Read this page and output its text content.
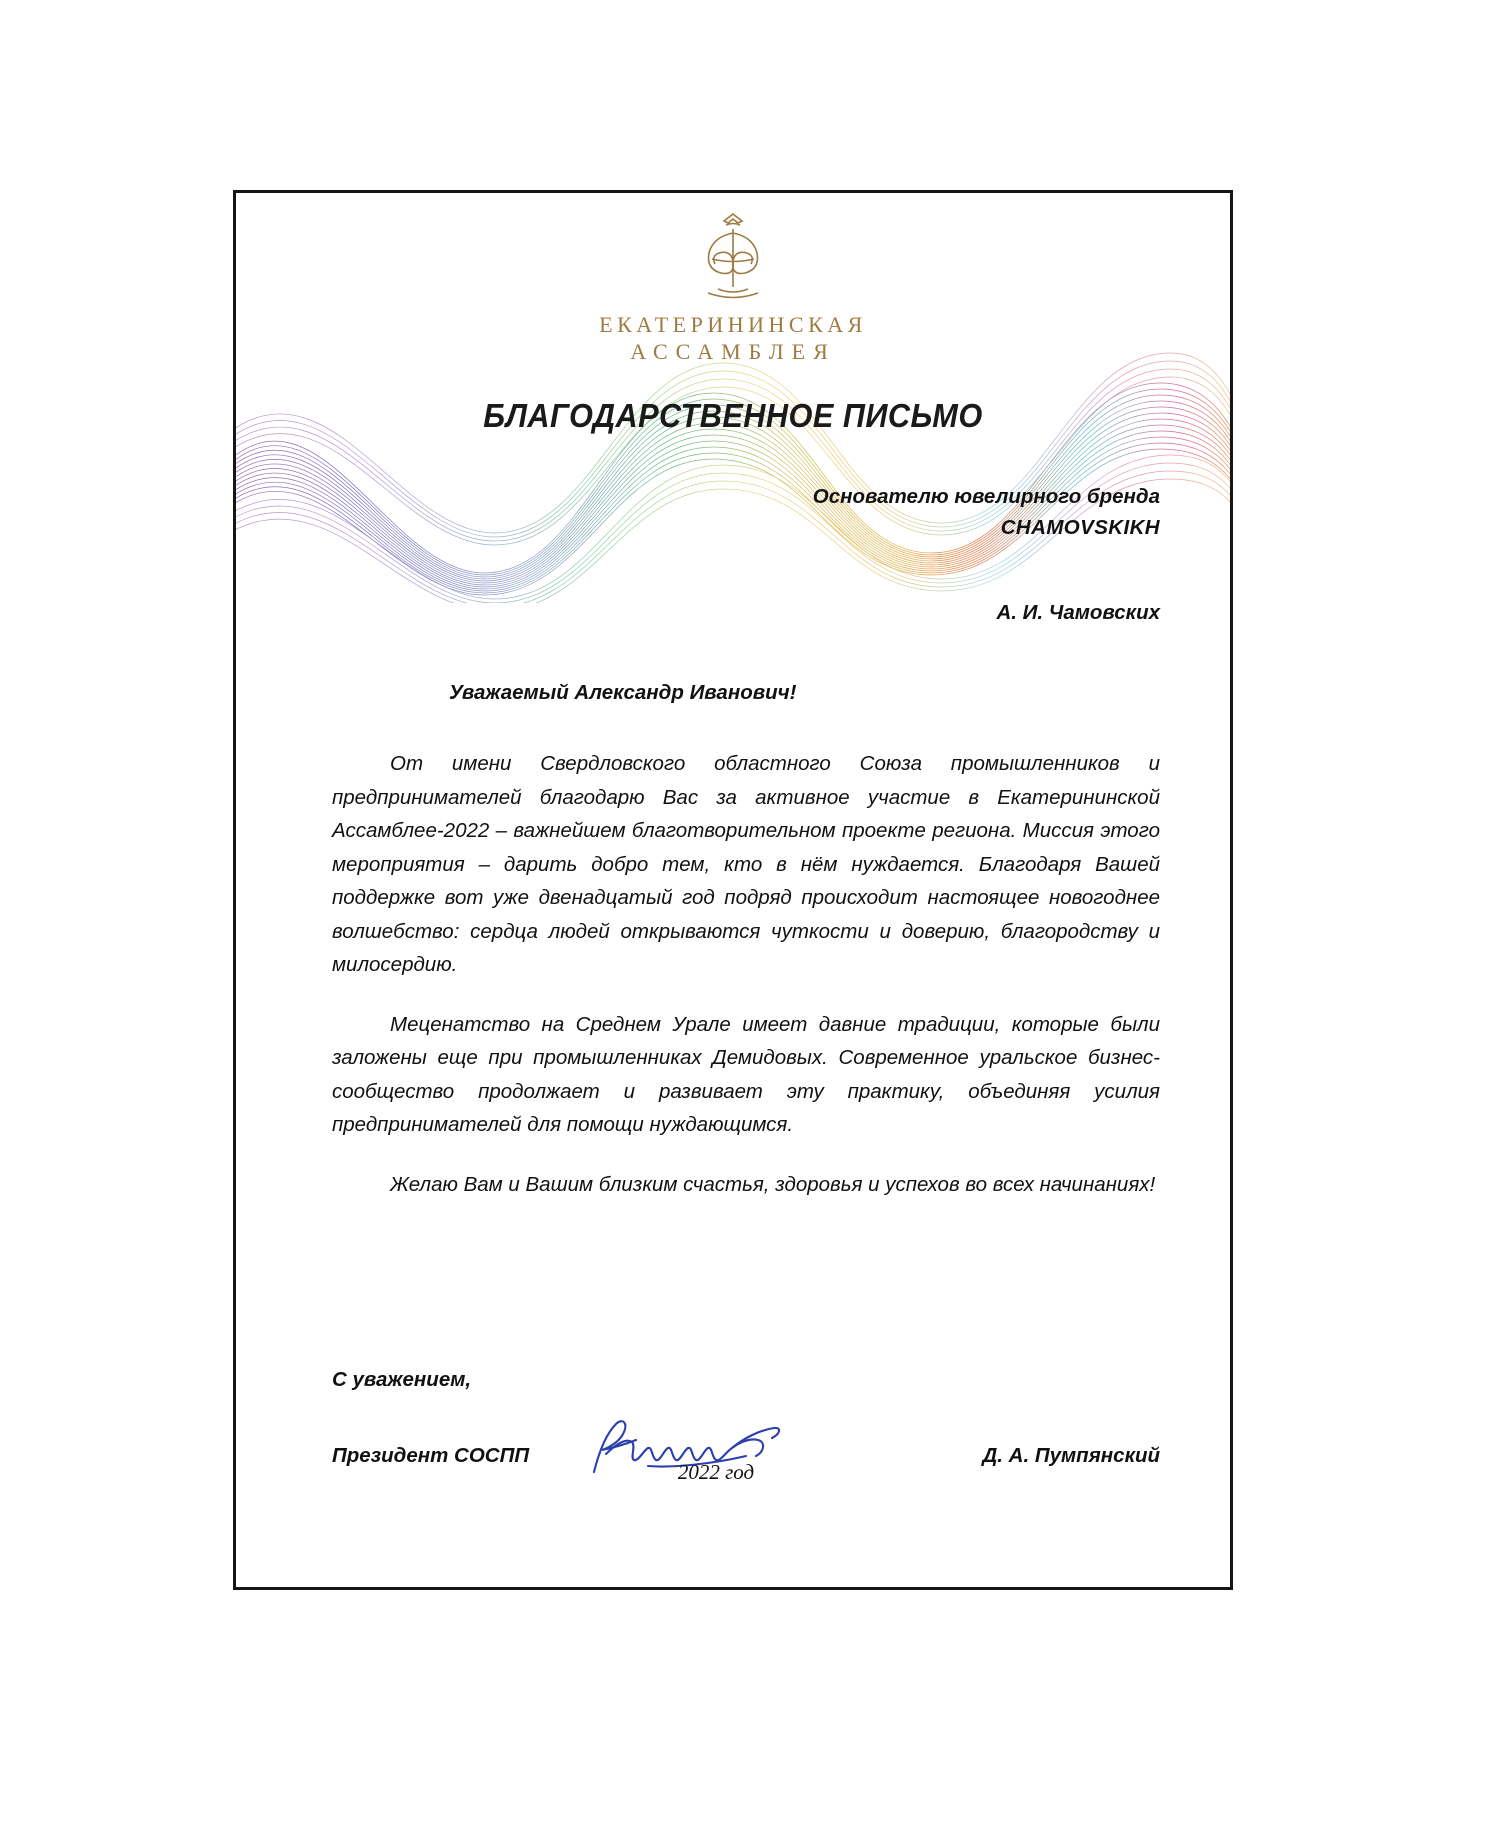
ЕКАТЕРИНИНСКАЯ
АССАМБЛЕЯ
БЛАГОДАРСТВЕННОЕ ПИСЬМО
Основателю ювелирного бренда
CHAMOVSKIKH
А. И. Чамовских
Уважаемый Александр Иванович!

От имени Свердловского областного Союза промышленников и предпринимателей благодарю Вас за активное участие в Екатерининской Ассамблее-2022 – важнейшем благотворительном проекте региона. Миссия этого мероприятия – дарить добро тем, кто в нём нуждается. Благодаря Вашей поддержке вот уже двенадцатый год подряд происходит настоящее новогоднее волшебство: сердца людей открываются чуткости и доверию, благородству и милосердию.

Меценатство на Среднем Урале имеет давние традиции, которые были заложены еще при промышленниках Демидовых. Современное уральское бизнес-сообщество продолжает и развивает эту практику, объединяя усилия предпринимателей для помощи нуждающимся.

Желаю Вам и Вашим близким счастья, здоровья и успехов во всех начинаниях!

С уважением,
Президент СОСПП	Д. А. Пумпянский
2022 год
